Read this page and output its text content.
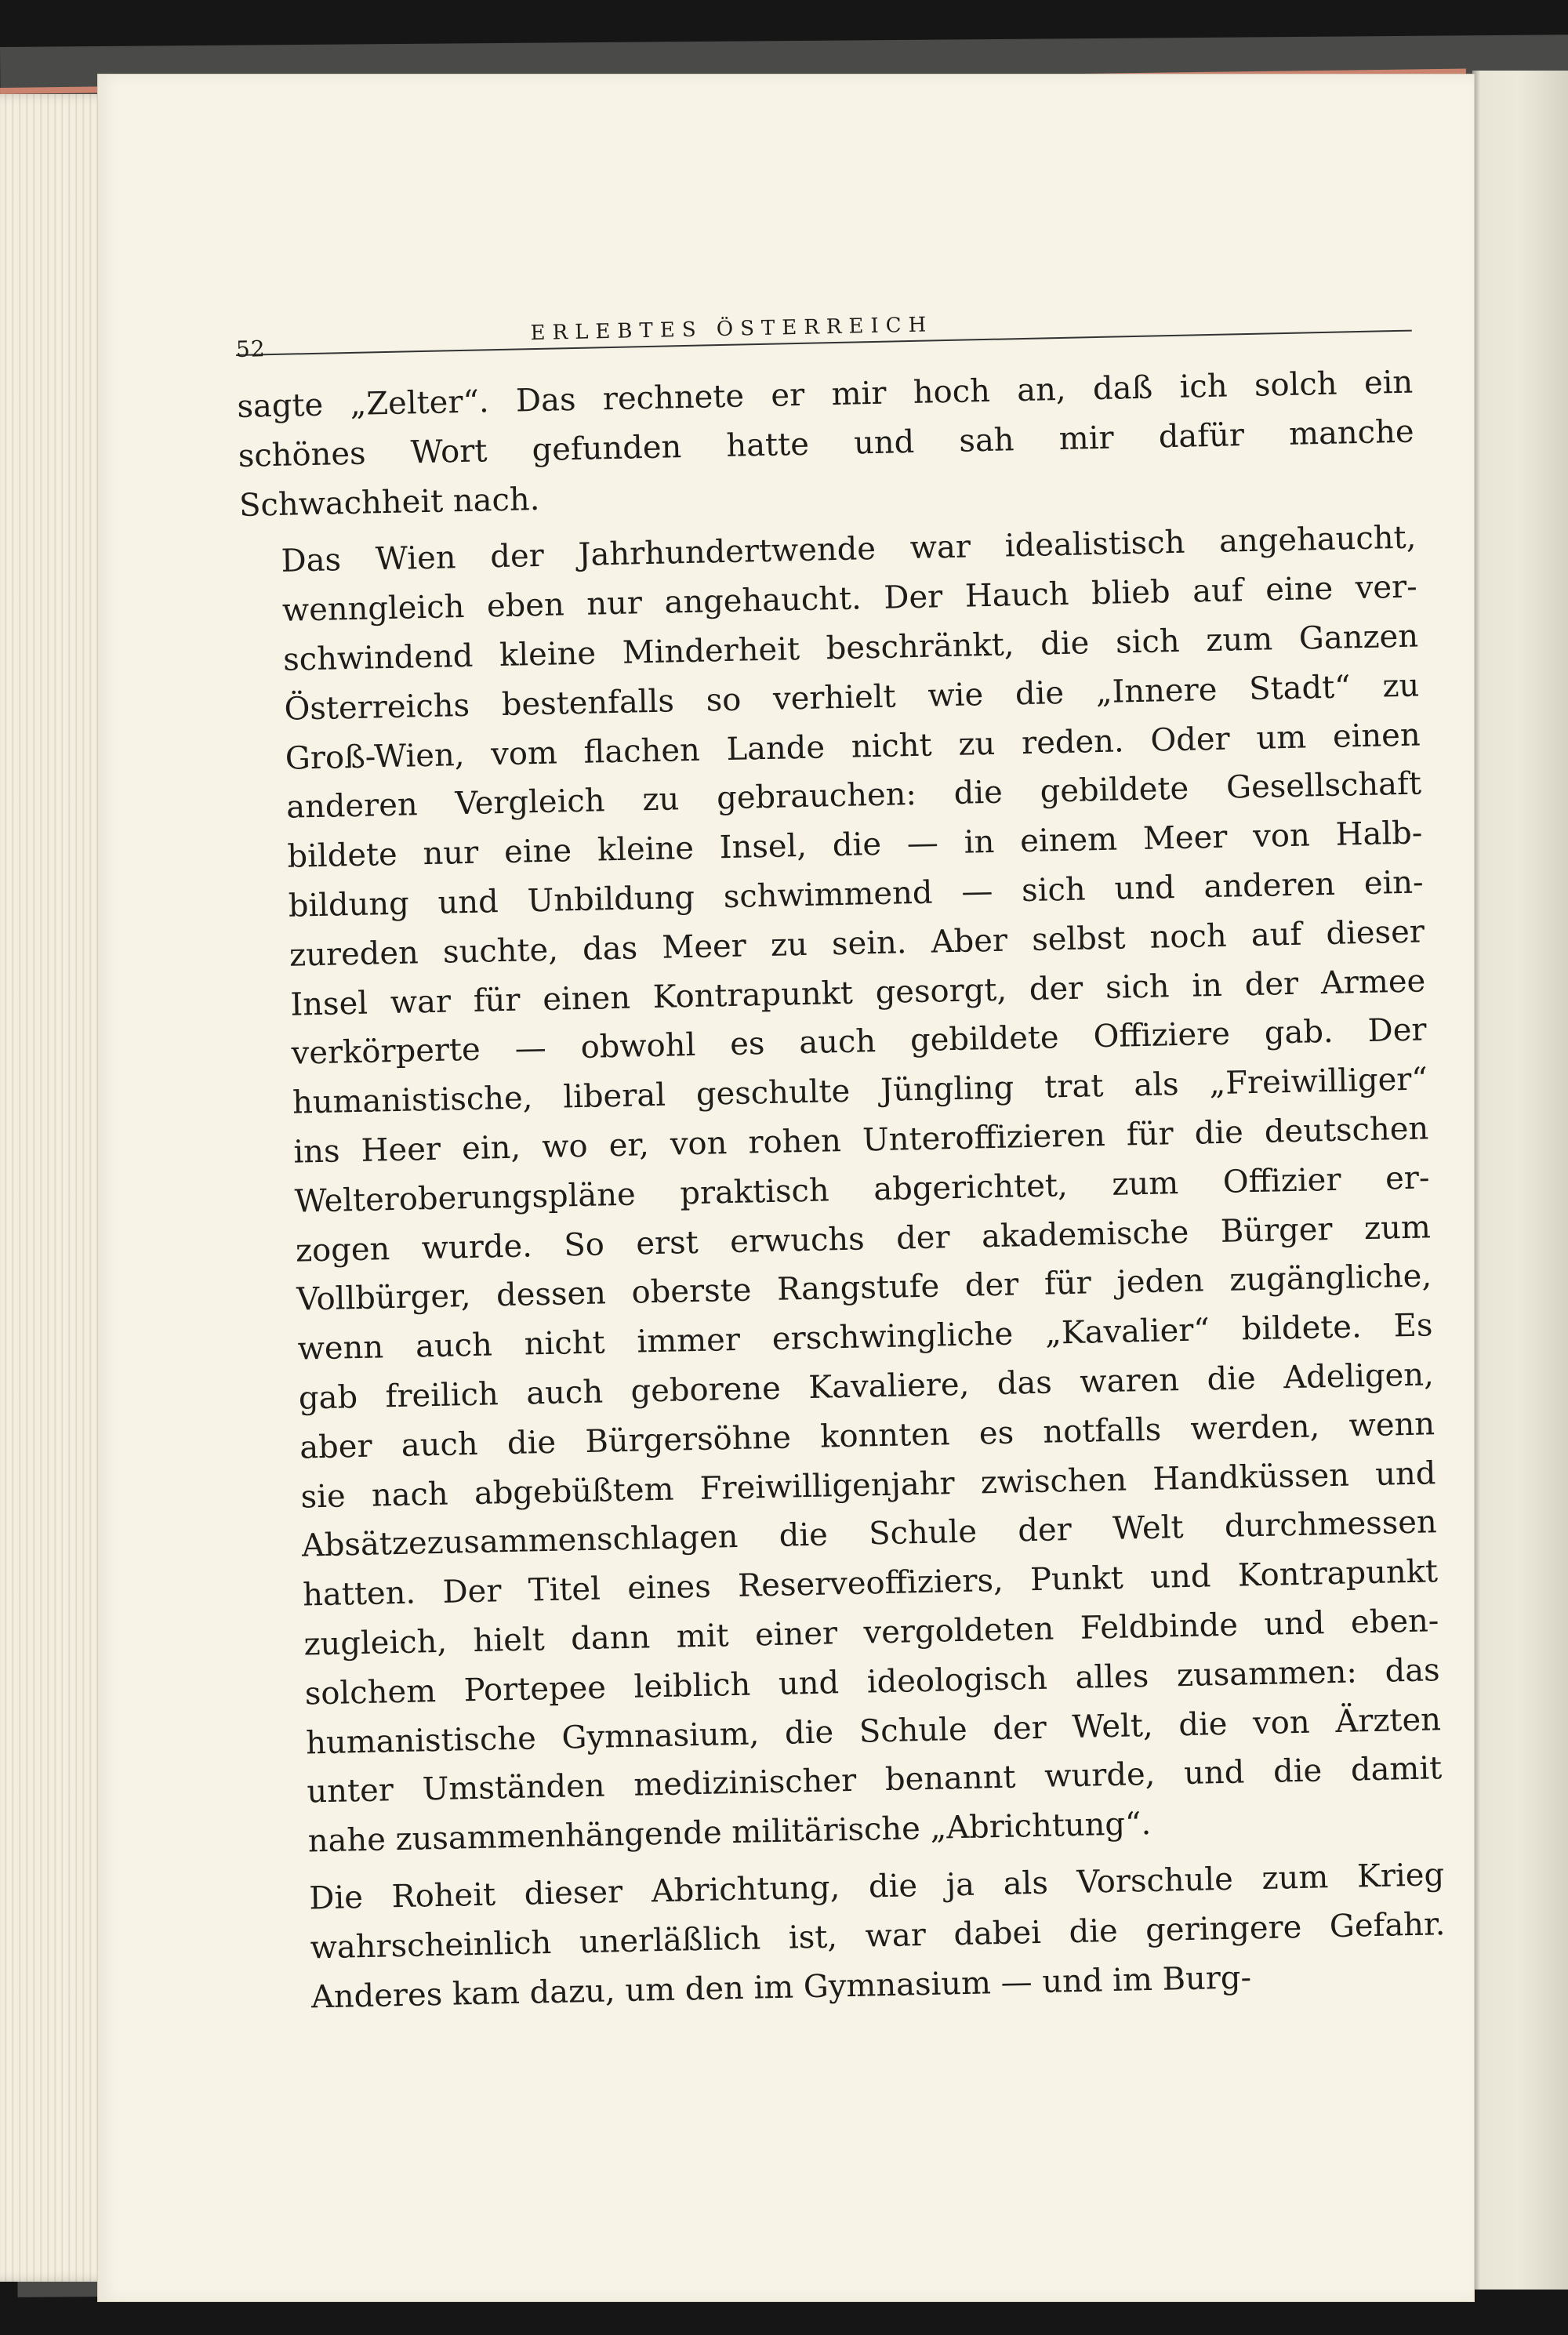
52
ERLEBTES ÖSTERREICH

sagte „Zelter“. Das rechnete er mir hoch an, daß ich solch ein
schönes Wort gefunden hatte und sah mir dafür manche
Schwachheit nach.

Das Wien der Jahrhundertwende war idealistisch angehaucht,
wenngleich eben nur angehaucht. Der Hauch blieb auf eine ver-
schwindend kleine Minderheit beschränkt, die sich zum Ganzen
Österreichs bestenfalls so verhielt wie die „Innere Stadt“ zu
Groß-Wien, vom flachen Lande nicht zu reden. Oder um einen
anderen Vergleich zu gebrauchen: die gebildete Gesellschaft
bildete nur eine kleine Insel, die — in einem Meer von Halb-
bildung und Unbildung schwimmend — sich und anderen ein-
zureden suchte, das Meer zu sein. Aber selbst noch auf dieser
Insel war für einen Kontrapunkt gesorgt, der sich in der Armee
verkörperte — obwohl es auch gebildete Offiziere gab. Der
humanistische, liberal geschulte Jüngling trat als „Freiwilliger“
ins Heer ein, wo er, von rohen Unteroffizieren für die deutschen
Welteroberungspläne praktisch abgerichtet, zum Offizier er-
zogen wurde. So erst erwuchs der akademische Bürger zum
Vollbürger, dessen oberste Rangstufe der für jeden zugängliche,
wenn auch nicht immer erschwingliche „Kavalier“ bildete. Es
gab freilich auch geborene Kavaliere, das waren die Adeligen,
aber auch die Bürgersöhne konnten es notfalls werden, wenn
sie nach abgebüßtem Freiwilligenjahr zwischen Handküssen und
Absätzezusammenschlagen die Schule der Welt durchmessen
hatten. Der Titel eines Reserveoffiziers, Punkt und Kontrapunkt
zugleich, hielt dann mit einer vergoldeten Feldbinde und eben-
solchem Portepee leiblich und ideologisch alles zusammen: das
humanistische Gymnasium, die Schule der Welt, die von Ärzten
unter Umständen medizinischer benannt wurde, und die damit
nahe zusammenhängende militärische „Abrichtung“.

Die Roheit dieser Abrichtung, die ja als Vorschule zum Krieg
wahrscheinlich unerläßlich ist, war dabei die geringere Gefahr.
Anderes kam dazu, um den im Gymnasium — und im Burg-
